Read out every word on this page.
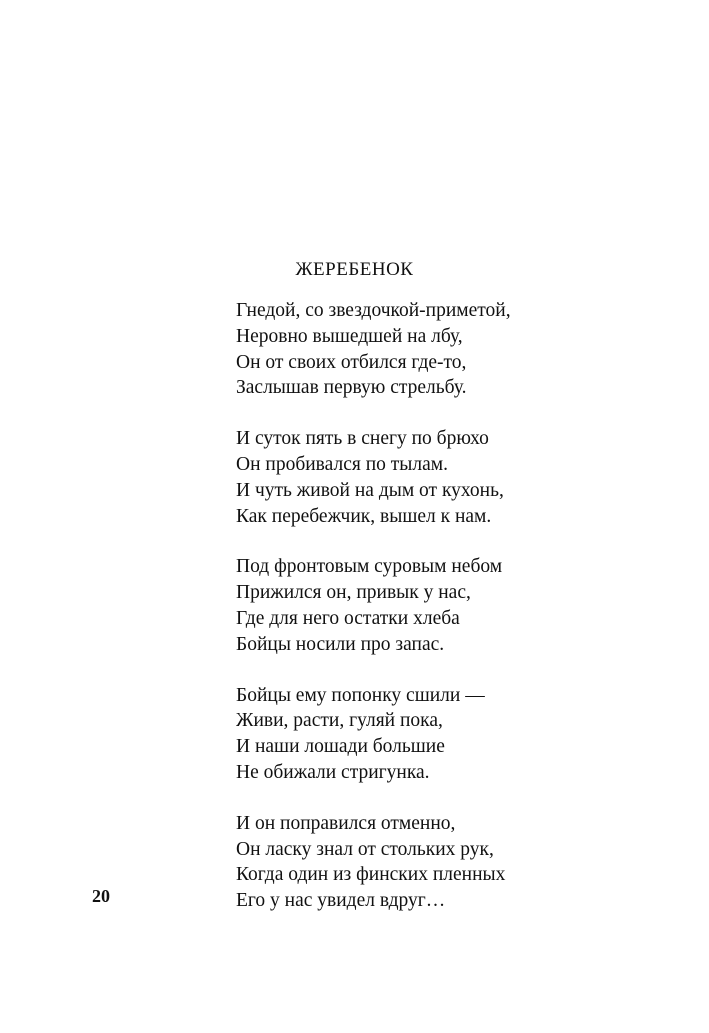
ЖЕРЕБЕНОК
Гнедой, со звездочкой-приметой,
Неровно вышедшей на лбу,
Он от своих отбился где-то,
Заслышав первую стрельбу.
И суток пять в снегу по брюхо
Он пробивался по тылам.
И чуть живой на дым от кухонь,
Как перебежчик, вышел к нам.
Под фронтовым суровым небом
Прижился он, привык у нас,
Где для него остатки хлеба
Бойцы носили про запас.
Бойцы ему попонку сшили —
Живи, расти, гуляй пока,
И наши лошади большие
Не обижали стригунка.
И он поправился отменно,
Он ласку знал от стольких рук,
Когда один из финских пленных
Его у нас увидел вдруг…
20
